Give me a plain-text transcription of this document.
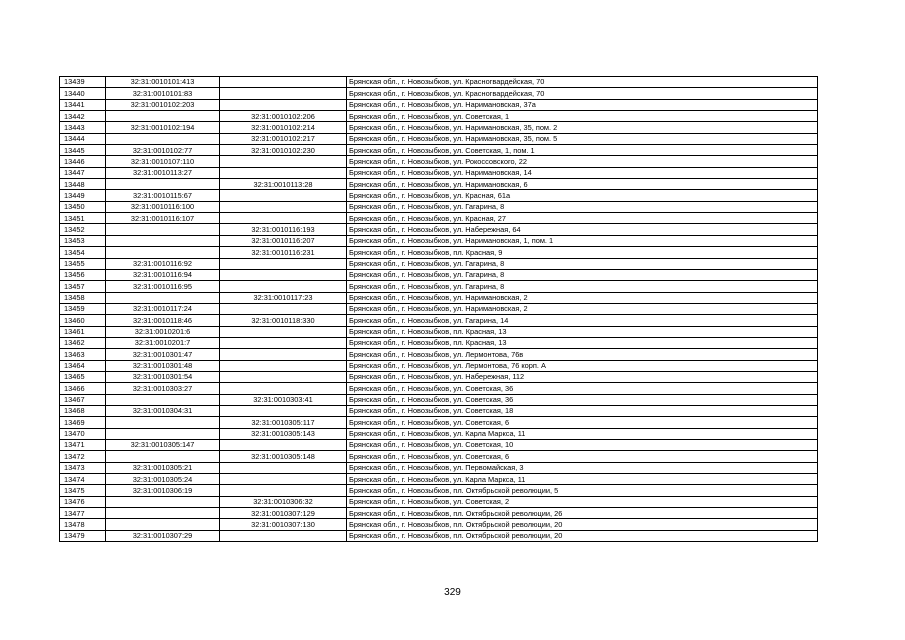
13439	32:31:0010101:413		Брянская обл., г. Новозыбков, ул. Красногвардейская, 70
13440	32:31:0010101:83		Брянская обл., г. Новозыбков, ул. Красногвардейская, 70
13441	32:31:0010102:203		Брянская обл., г. Новозыбков, ул. Наримановская, 37а
13442		32:31:0010102:206	Брянская обл., г. Новозыбков, ул. Советская, 1
13443	32:31:0010102:194	32:31:0010102:214	Брянская обл., г. Новозыбков, ул. Наримановская, 35, пом. 2
13444		32:31:0010102:217	Брянская обл., г. Новозыбков, ул. Наримановская, 35, пом. 5
13445	32:31:0010102:77	32:31:0010102:230	Брянская обл., г. Новозыбков, ул. Советская, 1, пом. 1
13446	32:31:0010107:110		Брянская обл., г. Новозыбков, ул. Рокоссовского, 22
13447	32:31:0010113:27		Брянская обл., г. Новозыбков, ул. Наримановская, 14
13448		32:31:0010113:28	Брянская обл., г. Новозыбков, ул. Наримановская, 6
13449	32:31:0010115:67		Брянская обл., г. Новозыбков, ул. Красная, 61а
13450	32:31:0010116:100		Брянская обл., г. Новозыбков, ул. Гагарина, 8
13451	32:31:0010116:107		Брянская обл., г. Новозыбков, ул. Красная, 27
13452		32:31:0010116:193	Брянская обл., г. Новозыбков, ул. Набережная, 64
13453		32:31:0010116:207	Брянская обл., г. Новозыбков, ул. Наримановская, 1, пом. 1
13454		32:31:0010116:231	Брянская обл., г. Новозыбков, пл. Красная, 9
13455	32:31:0010116:92		Брянская обл., г. Новозыбков, ул. Гагарина, 8
13456	32:31:0010116:94		Брянская обл., г. Новозыбков, ул. Гагарина, 8
13457	32:31:0010116:95		Брянская обл., г. Новозыбков, ул. Гагарина, 8
13458		32:31:0010117:23	Брянская обл., г. Новозыбков, ул. Наримановская, 2
13459	32:31:0010117:24		Брянская обл., г. Новозыбков, ул. Наримановская, 2
13460	32:31:0010118:46	32:31:0010118:330	Брянская обл., г. Новозыбков, ул. Гагарина, 14
13461	32:31:0010201:6		Брянская обл., г. Новозыбков, пл. Красная, 13
13462	32:31:0010201:7		Брянская обл., г. Новозыбков, пл. Красная, 13
13463	32:31:0010301:47		Брянская обл., г. Новозыбков, ул. Лермонтова, 76в
13464	32:31:0010301:48		Брянская обл., г. Новозыбков, ул. Лермонтова, 76 корп. А
13465	32:31:0010301:54		Брянская обл., г. Новозыбков, ул. Набережная, 112
13466	32:31:0010303:27		Брянская обл., г. Новозыбков, ул. Советская, 36
13467		32:31:0010303:41	Брянская обл., г. Новозыбков, ул. Советская, 36
13468	32:31:0010304:31		Брянская обл., г. Новозыбков, ул. Советская, 18
13469		32:31:0010305:117	Брянская обл., г. Новозыбков, ул. Советская, 6
13470		32:31:0010305:143	Брянская обл., г. Новозыбков, ул. Карла Маркса, 11
13471	32:31:0010305:147		Брянская обл., г. Новозыбков, ул. Советская, 10
13472		32:31:0010305:148	Брянская обл., г. Новозыбков, ул. Советская, 6
13473	32:31:0010305:21		Брянская обл., г. Новозыбков, ул. Первомайская, 3
13474	32:31:0010305:24		Брянская обл., г. Новозыбков, ул. Карла Маркса, 11
13475	32:31:0010306:19		Брянская обл., г. Новозыбков, пл. Октябрьской революции, 5
13476		32:31:0010306:32	Брянская обл., г. Новозыбков, ул. Советская, 2
13477		32:31:0010307:129	Брянская обл., г. Новозыбков, пл. Октябрьской революции, 26
13478		32:31:0010307:130	Брянская обл., г. Новозыбков, пл. Октябрьской революции, 20
13479	32:31:0010307:29		Брянская обл., г. Новозыбков, пл. Октябрьской революции, 20
329
